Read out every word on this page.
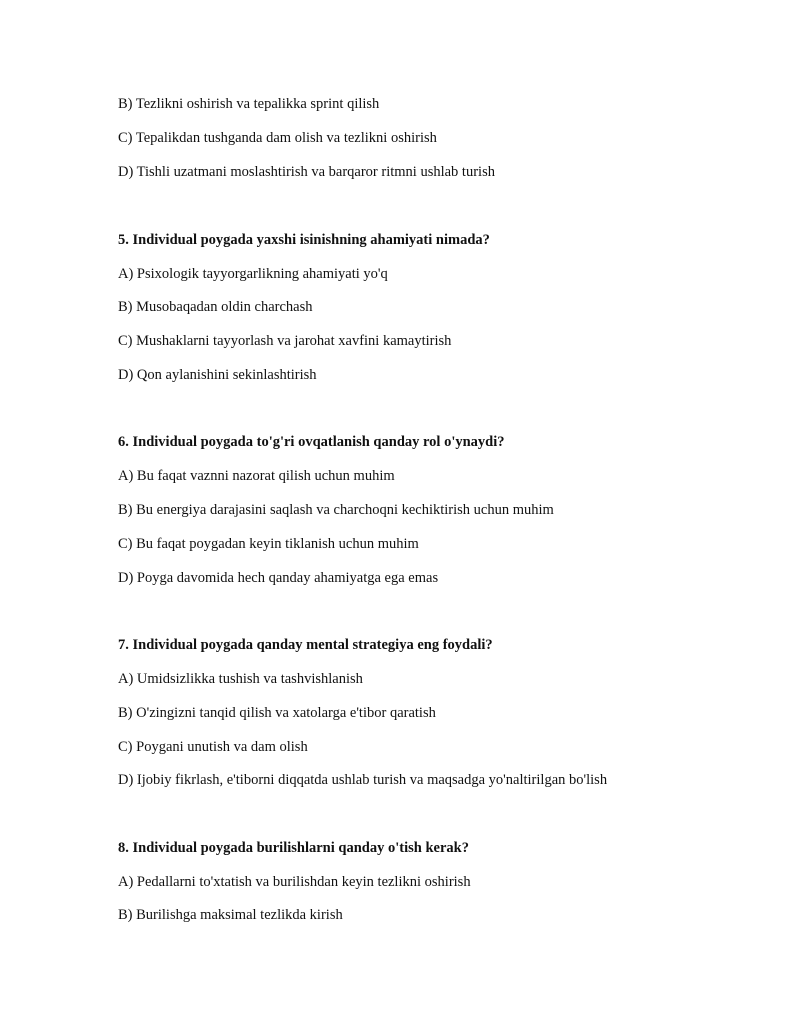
B) Tezlikni oshirish va tepalikka sprint qilish
C) Tepalikdan tushganda dam olish va tezlikni oshirish
D) Tishli uzatmani moslashtirish va barqaror ritmni ushlab turish
5. Individual poygada yaxshi isinishning ahamiyati nimada?
A) Psixologik tayyorgarlikning ahamiyati yo'q
B) Musobaqadan oldin charchash
C) Mushaklarni tayyorlash va jarohat xavfini kamaytirish
D) Qon aylanishini sekinlashtirish
6. Individual poygada to'g'ri ovqatlanish qanday rol o'ynaydi?
A) Bu faqat vaznni nazorat qilish uchun muhim
B) Bu energiya darajasini saqlash va charchoqni kechiktirish uchun muhim
C) Bu faqat poygadan keyin tiklanish uchun muhim
D) Poyga davomida hech qanday ahamiyatga ega emas
7. Individual poygada qanday mental strategiya eng foydali?
A) Umidsizlikka tushish va tashvishlanish
B) O'zingizni tanqid qilish va xatolarga e'tibor qaratish
C) Poygani unutish va dam olish
D) Ijobiy fikrlash, e'tiborni diqqatda ushlab turish va maqsadga yo'naltirilgan bo'lish
8. Individual poygada burilishlarni qanday o'tish kerak?
A) Pedallarni to'xtatish va burilishdan keyin tezlikni oshirish
B) Burilishga maksimal tezlikda kirish
